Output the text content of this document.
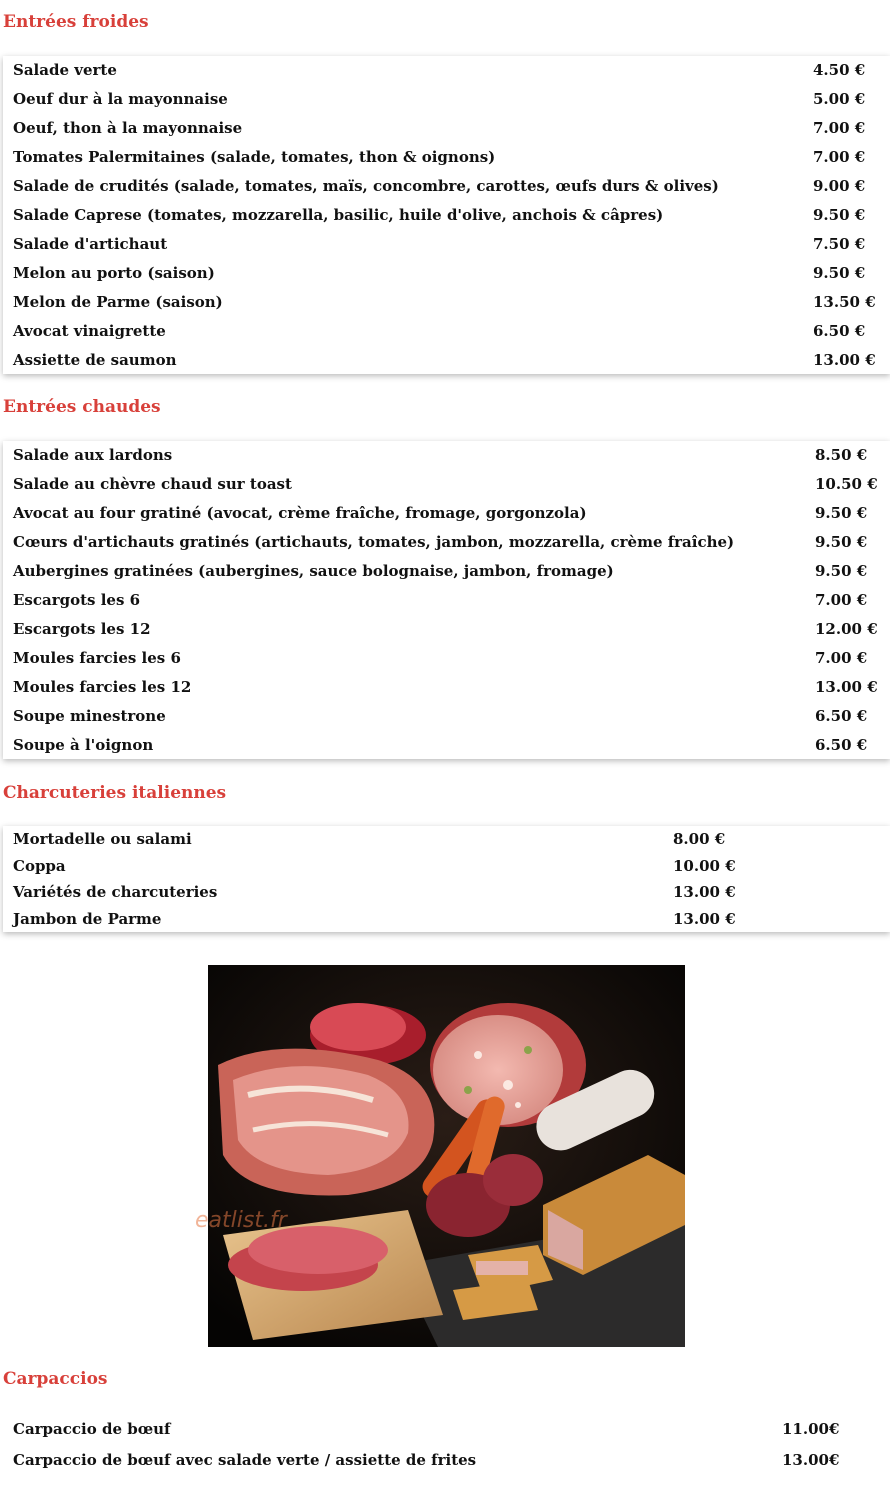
Entrées froides
Salade verte	4.50 €
Oeuf dur à la mayonnaise	5.00 €
Oeuf, thon à la mayonnaise	7.00 €
Tomates Palermitaines (salade, tomates, thon & oignons)	7.00 €
Salade de crudités (salade, tomates, maïs, concombre, carottes, œufs durs & olives)	9.00 €
Salade Caprese (tomates, mozzarella, basilic, huile d'olive, anchois & câpres)	9.50 €
Salade d'artichaut	7.50 €
Melon au porto (saison)	9.50 €
Melon de Parme (saison)	13.50 €
Avocat vinaigrette	6.50 €
Assiette de saumon	13.00 €
Entrées chaudes
Salade aux lardons	8.50 €
Salade au chèvre chaud sur toast	10.50 €
Avocat au four gratiné (avocat, crème fraîche, fromage, gorgonzola)	9.50 €
Cœurs d'artichauts gratinés (artichauts, tomates, jambon, mozzarella, crème fraîche)	9.50 €
Aubergines gratinées (aubergines, sauce bolognaise, jambon, fromage)	9.50 €
Escargots les 6	7.00 €
Escargots les 12	12.00 €
Moules farcies les 6	7.00 €
Moules farcies les 12	13.00 €
Soupe minestrone	6.50 €
Soupe à l'oignon	6.50 €
Charcuteries italiennes
Mortadelle ou salami	8.00 €
Coppa	10.00 €
Variétés de charcuteries	13.00 €
Jambon de Parme	13.00 €
eatlist.fr
Carpaccios
Carpaccio de bœuf	11.00€
Carpaccio de bœuf avec salade verte / assiette de frites	13.00€
